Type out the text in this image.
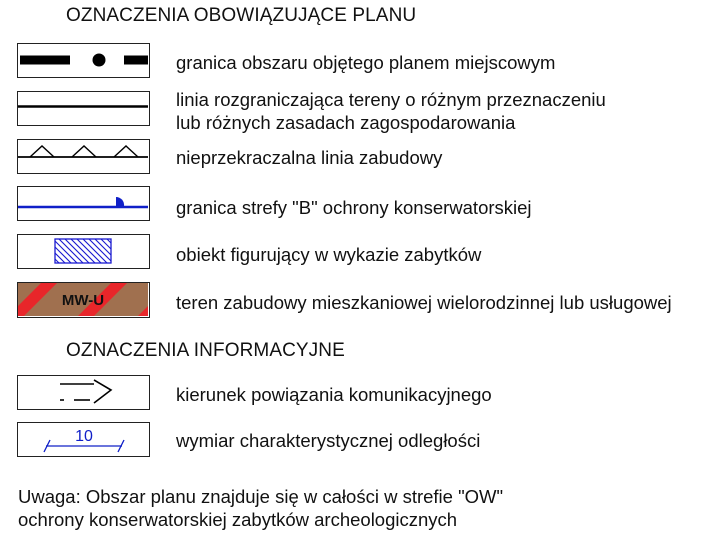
OZNACZENIA OBOWIĄZUJĄCE PLANU
granica obszaru objętego planem miejscowym
linia rozgraniczająca tereny o różnym przeznaczeniu
lub różnych zasadach zagospodarowania
nieprzekraczalna linia zabudowy
granica strefy "B" ochrony konserwatorskiej
obiekt figurujący w wykazie zabytków
MW-U	teren zabudowy mieszkaniowej wielorodzinnej lub usługowej
OZNACZENIA INFORMACYJNE
kierunek powiązania komunikacyjnego
10	wymiar charakterystycznej odległości
Uwaga: Obszar planu znajduje się w całości w strefie "OW"
ochrony konserwatorskiej zabytków archeologicznych
